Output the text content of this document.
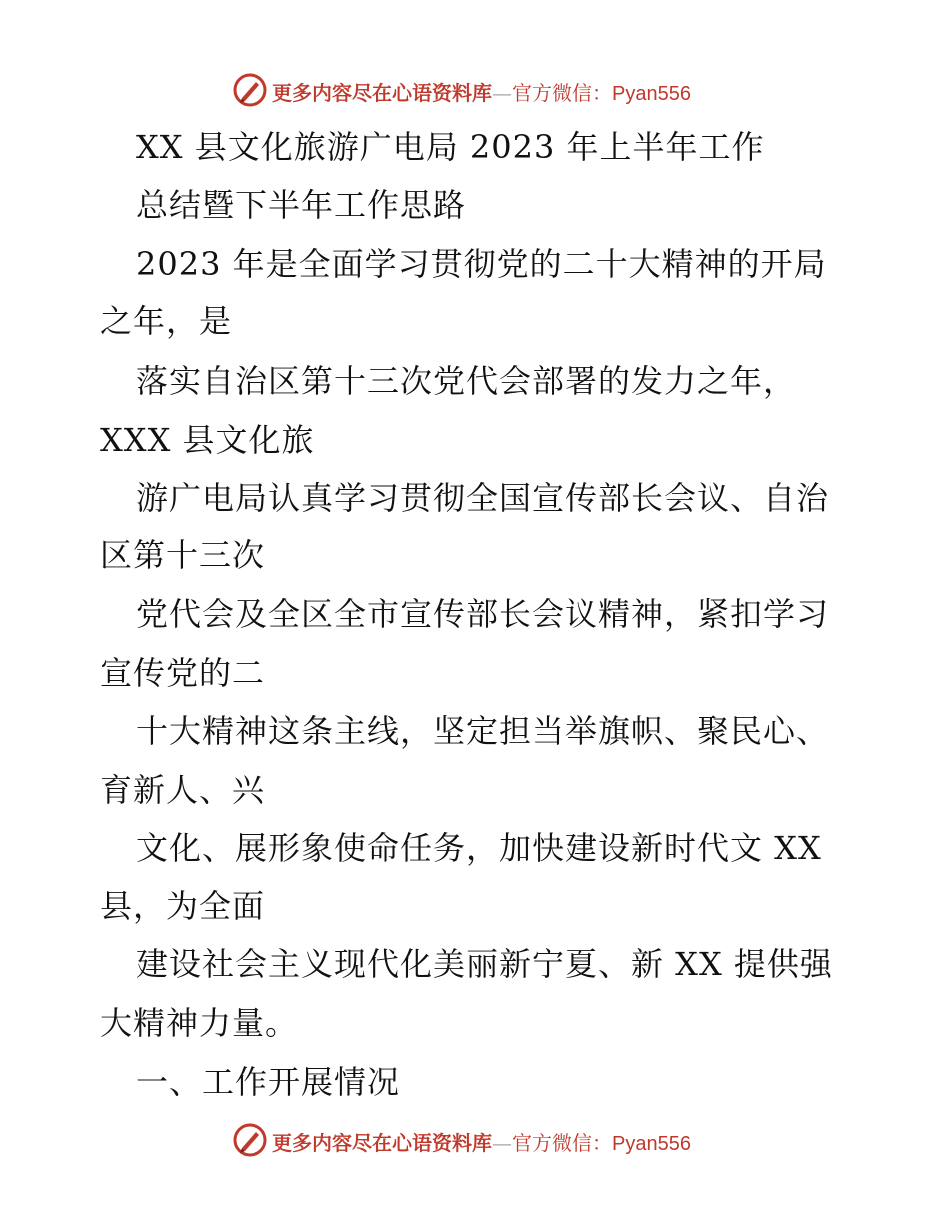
更多内容尽在心语资料库—官方微信：Pyan556
XX 县文化旅游广电局 2023 年上半年工作
总结暨下半年工作思路
2023 年是全面学习贯彻党的二十大精神的开局
之年，是
落实自治区第十三次党代会部署的发力之年，
XXX 县文化旅
游广电局认真学习贯彻全国宣传部长会议、自治
区第十三次
党代会及全区全市宣传部长会议精神，紧扣学习
宣传党的二
十大精神这条主线，坚定担当举旗帜、聚民心、
育新人、兴
文化、展形象使命任务，加快建设新时代文 XX
县，为全面
建设社会主义现代化美丽新宁夏、新 XX 提供强
大精神力量。
一、工作开展情况
更多内容尽在心语资料库—官方微信：Pyan556
